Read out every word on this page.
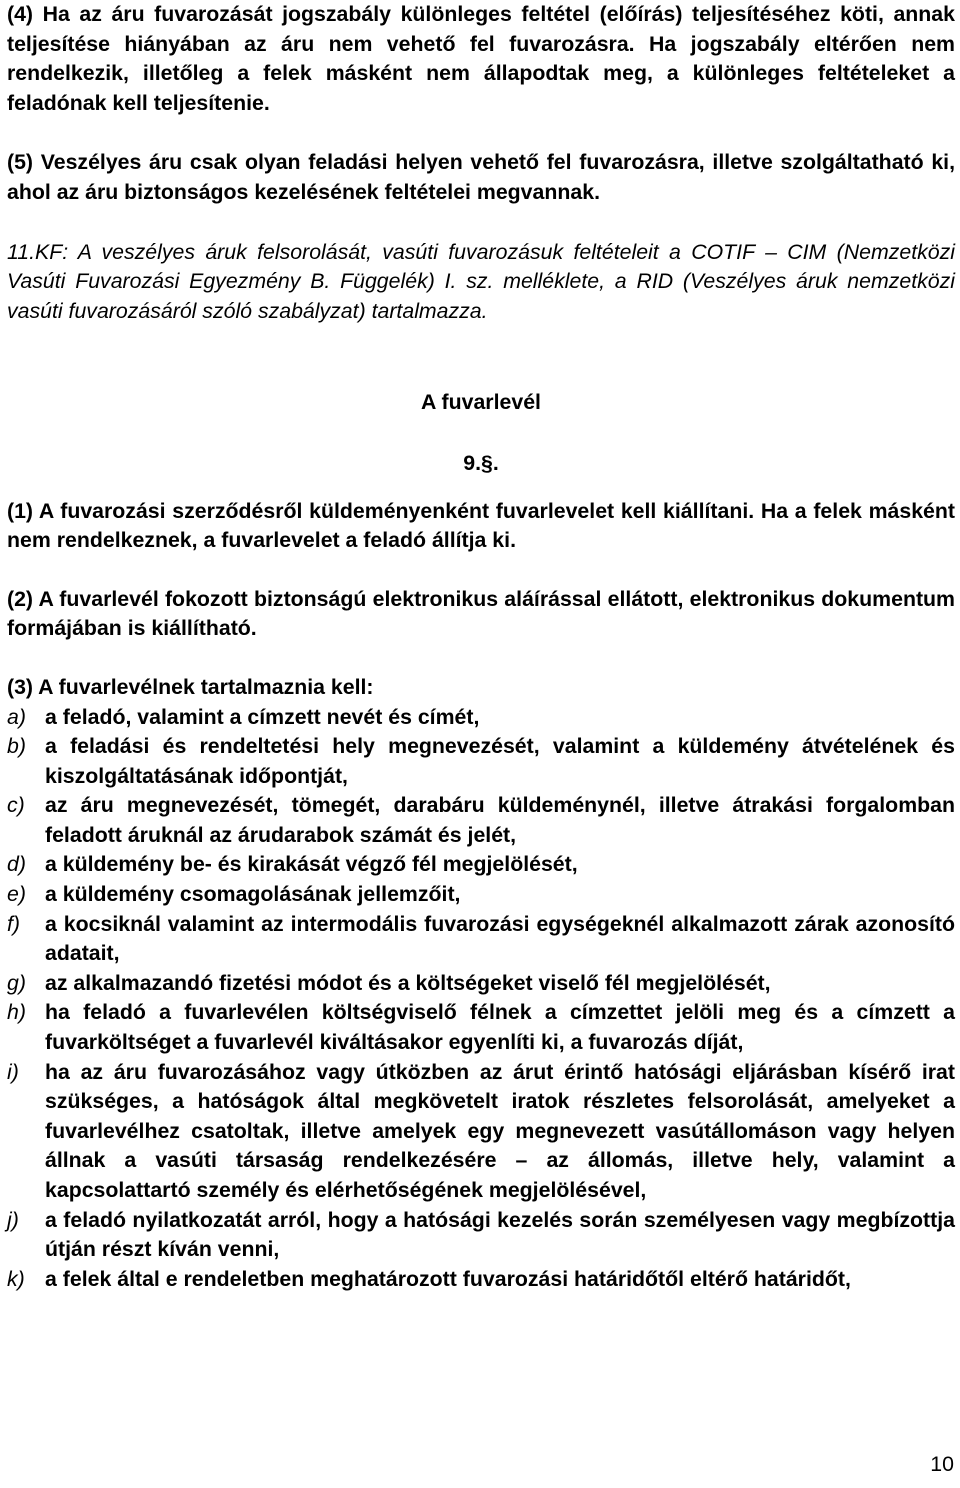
(4) Ha az áru fuvarozását jogszabály különleges feltétel (előírás) teljesítéséhez köti, annak teljesítése hiányában az áru nem vehető fel fuvarozásra. Ha jogszabály eltérően nem rendelkezik, illetőleg a felek másként nem állapodtak meg, a különleges feltételeket a feladónak kell teljesítenie.

(5) Veszélyes áru csak olyan feladási helyen vehető fel fuvarozásra, illetve szolgáltatható ki, ahol az áru biztonságos kezelésének feltételei megvannak.

11.KF: A veszélyes áruk felsorolását, vasúti fuvarozásuk feltételeit a COTIF – CIM (Nemzetközi Vasúti Fuvarozási Egyezmény B. Függelék) I. sz. melléklete, a RID (Veszélyes áruk nemzetközi vasúti fuvarozásáról szóló szabályzat) tartalmazza.

A fuvarlevél

9.§.

(1) A fuvarozási szerződésről küldeményenként fuvarlevelet kell kiállítani. Ha a felek másként nem rendelkeznek, a fuvarlevelet a feladó állítja ki.

(2) A fuvarlevél fokozott biztonságú elektronikus aláírással ellátott, elektronikus dokumentum formájában is kiállítható.

(3) A fuvarlevélnek tartalmaznia kell:

a) a feladó, valamint a címzett nevét és címét,
b) a feladási és rendeltetési hely megnevezését, valamint a küldemény átvételének és kiszolgáltatásának időpontját,
c) az áru megnevezését, tömegét, darabáru küldeménynél, illetve átrakási forgalomban feladott áruknál az árudarabok számát és jelét,
d) a küldemény be- és kirakását végző fél megjelölését,
e) a küldemény csomagolásának jellemzőit,
f)	a kocsiknál valamint az intermodális fuvarozási egységeknél alkalmazott zárak azonosító adatait,
g) az alkalmazandó fizetési módot és a költségeket viselő fél megjelölését,
h) ha feladó a fuvarlevélen költségviselő félnek a címzettet jelöli meg és a címzett a fuvarköltséget a fuvarlevél kiváltásakor egyenlíti ki, a fuvarozás díját,
i)	ha az áru fuvarozásához vagy útközben az árut érintő hatósági eljárásban kísérő irat szükséges, a hatóságok által megkövetelt iratok részletes felsorolását, amelyeket a fuvarlevélhez csatoltak, illetve amelyek egy megnevezett vasútállomáson vagy helyen állnak a vasúti társaság rendelkezésére – az állomás, illetve hely, valamint a kapcsolattartó személy és elérhetőségének megjelölésével,
j)	a feladó nyilatkozatát arról, hogy a hatósági kezelés során személyesen vagy megbízottja útján részt kíván venni,
k) a felek által e rendeletben meghatározott fuvarozási határidőtől eltérő határidőt,
10
